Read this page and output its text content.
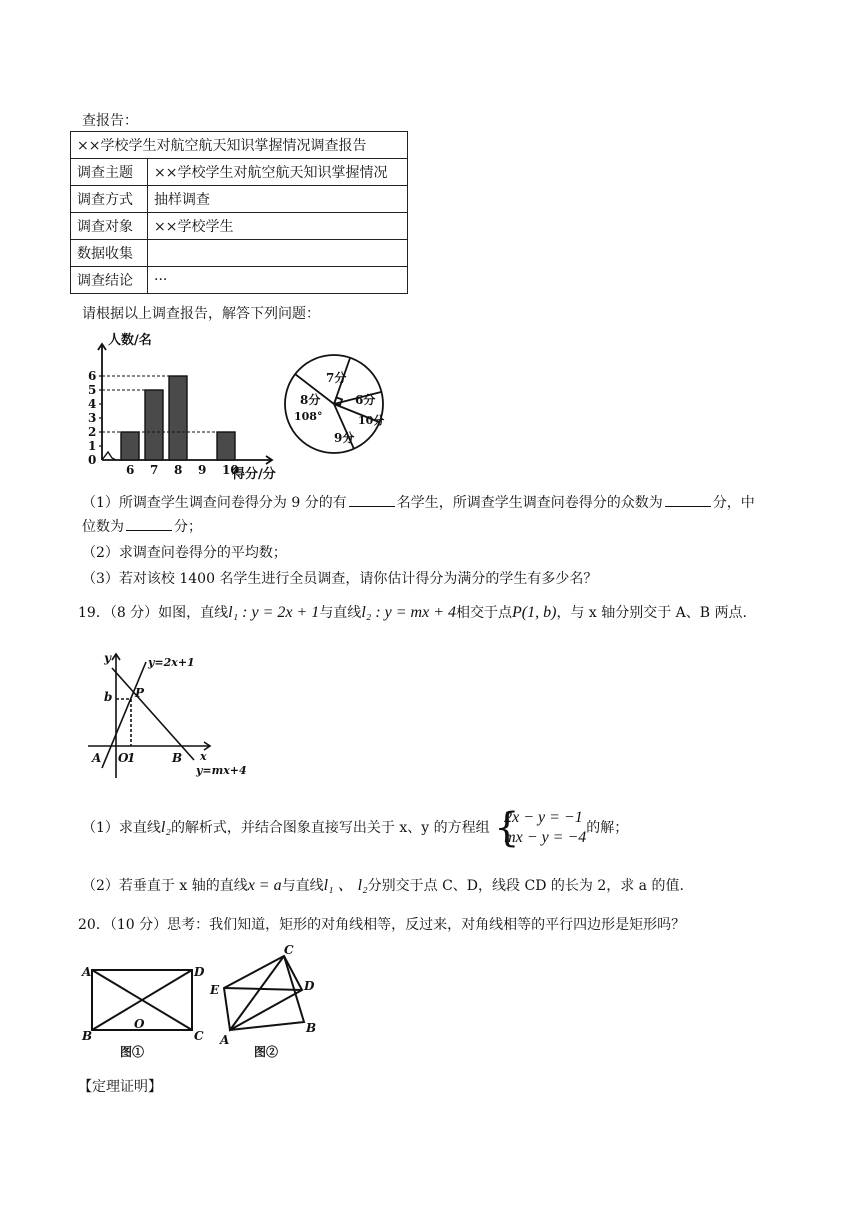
查报告：
××学校学生对航空航天知识掌握情况调查报告	
调查主题	××学校学生对航空航天知识掌握情况
调查方式	抽样调查
调查对象	××学校学生
数据收集	
调查结论	···
请根据以上调查报告，解答下列问题：
人数/名
0
1
2
3
4
5
6
6 7 8 9 10
得分/分
7分
6分
10分
9分
8分
108°
（1）所调查学生调查问卷得分为 9 分的有	名学生，所调查学生调查问卷得分的众数为	分，中
位数为	分；
（2）求调查问卷得分的平均数；
（3）若对该校 1400 名学生进行全员调查，请你估计得分为满分的学生有多少名？
19．（8 分）如图，直线l₁ : y = 2x + 1与直线l₂ : y = mx + 4相交于点P(1, b)，与 x 轴分别交于 A、B 两点.
y	y=2x+1
P
b
x
A O
1	B
y=mx+4
（1）求直线l₂的解析式，并结合图象直接写出关于 x、y 的方程组 {
2x − y = −1
mx − y = −4
的解；
（2）若垂直于 x 轴的直线x = a与直线l₁ 、 l₂分别交于点 C、D，线段 CD 的长为 2，求 a 的值.
20．（10 分）思考：我们知道，矩形的对角线相等，反过来，对角线相等的平行四边形是矩形吗？
A	D
B
O
C
图①
C
E	D
A
B
图②
【定理证明】
